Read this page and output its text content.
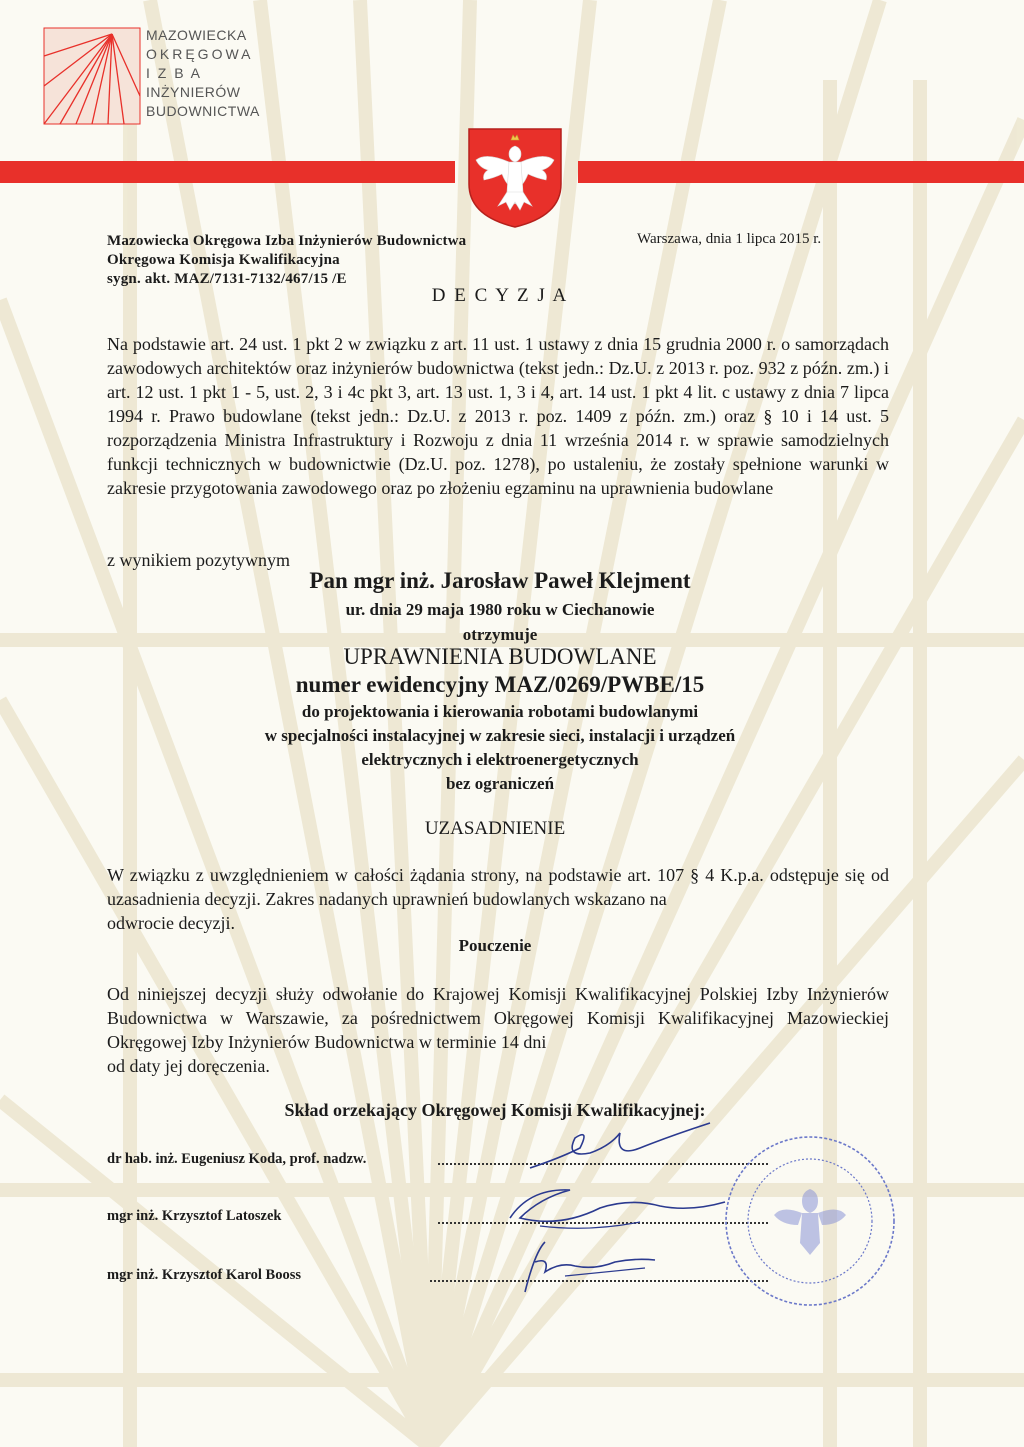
MAZOWIECKA
OKRĘGOWA
I Z B A
INŻYNIERÓW
BUDOWNICTWA
Mazowiecka Okręgowa Izba Inżynierów Budownictwa
Okręgowa Komisja Kwalifikacyjna
sygn. akt. MAZ/7131-7132/467/15 /E
Warszawa, dnia 1 lipca 2015 r.
D E C Y Z J A
Na podstawie art. 24 ust. 1 pkt 2 w związku z art. 11 ust. 1 ustawy z dnia 15 grudnia 2000 r. o samorządach zawodowych architektów oraz inżynierów budownictwa (tekst jedn.: Dz.U. z 2013 r. poz. 932 z późn. zm.) i art. 12 ust. 1 pkt 1 - 5, ust. 2, 3 i 4c pkt 3, art. 13 ust. 1, 3 i 4, art. 14 ust. 1 pkt 4 lit. c ustawy z dnia 7 lipca 1994 r. Prawo budowlane (tekst jedn.: Dz.U. z 2013 r. poz. 1409 z późn. zm.) oraz § 10 i 14 ust. 5 rozporządzenia Ministra Infrastruktury i Rozwoju z dnia 11 września 2014 r. w sprawie samodzielnych funkcji technicznych w budownictwie (Dz.U. poz. 1278), po ustaleniu, że zostały spełnione warunki w zakresie przygotowania zawodowego oraz po złożeniu egzaminu na uprawnienia budowlane
z wynikiem pozytywnym
Pan mgr inż. Jarosław Paweł Klejment
ur. dnia 29 maja 1980 roku w Ciechanowie
otrzymuje
UPRAWNIENIA BUDOWLANE
numer ewidencyjny MAZ/0269/PWBE/15
do projektowania i kierowania robotami budowlanymi
w specjalności instalacyjnej w zakresie sieci, instalacji i urządzeń
elektrycznych i elektroenergetycznych
bez ograniczeń
UZASADNIENIE
W związku z uwzględnieniem w całości żądania strony, na podstawie art. 107 § 4 K.p.a. odstępuje się od uzasadnienia decyzji. Zakres nadanych uprawnień budowlanych wskazano na
odwrocie decyzji.
Pouczenie
Od niniejszej decyzji służy odwołanie do Krajowej Komisji Kwalifikacyjnej Polskiej Izby Inżynierów Budownictwa w Warszawie, za pośrednictwem Okręgowej Komisji Kwalifikacyjnej Mazowieckiej Okręgowej Izby Inżynierów Budownictwa w terminie 14 dni
od daty jej doręczenia.
Skład orzekający Okręgowej Komisji Kwalifikacyjnej:
dr hab. inż. Eugeniusz Koda, prof. nadzw.
mgr inż. Krzysztof Latoszek
mgr inż. Krzysztof Karol Booss
